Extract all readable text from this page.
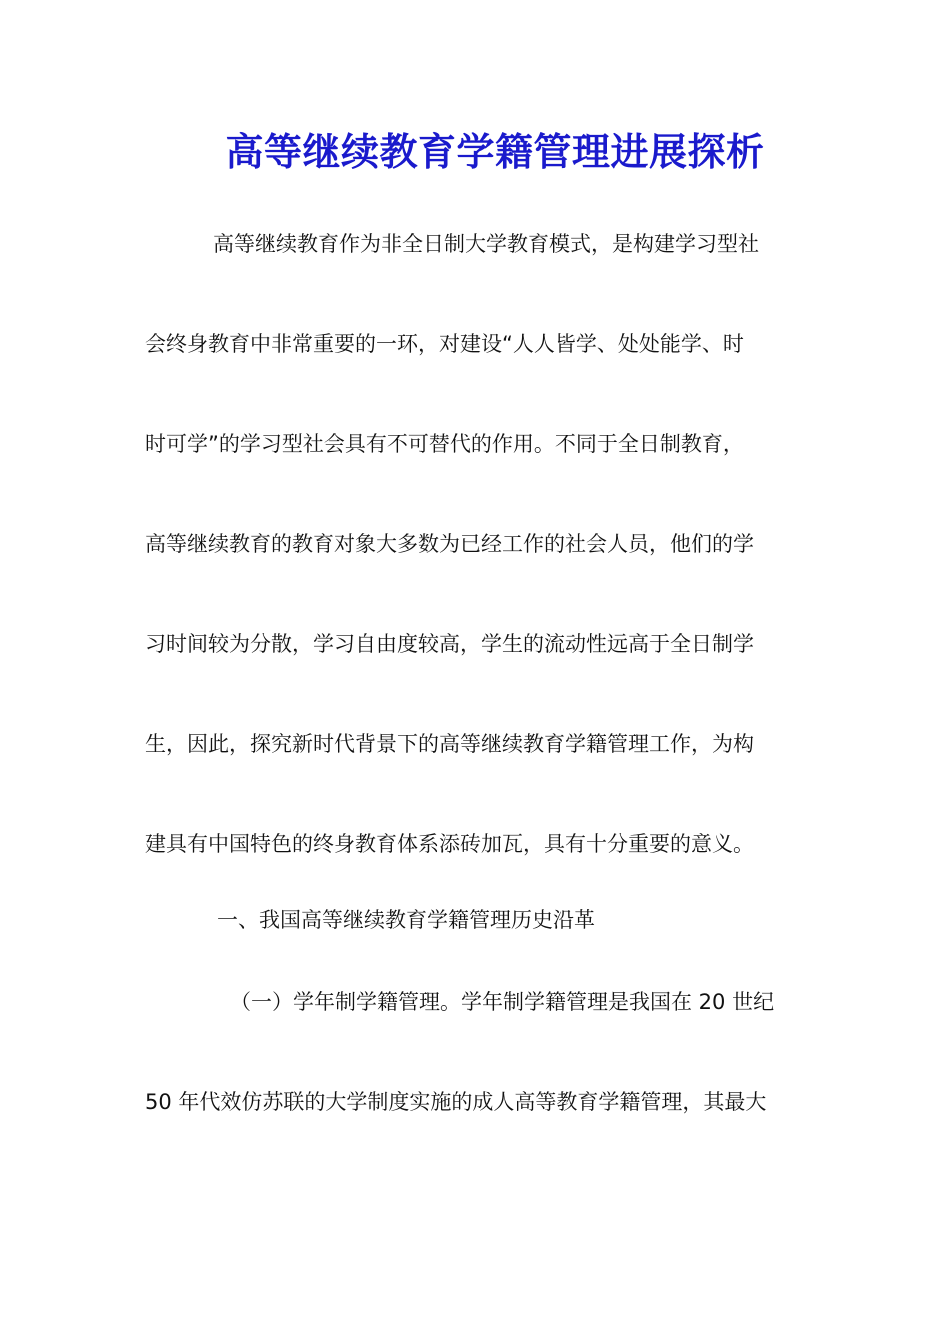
高等继续教育学籍管理进展探析
高等继续教育作为非全日制大学教育模式，是构建学习型社
会终身教育中非常重要的一环，对建设“人人皆学、处处能学、时
时可学”的学习型社会具有不可替代的作用。不同于全日制教育，
高等继续教育的教育对象大多数为已经工作的社会人员，他们的学
习时间较为分散，学习自由度较高，学生的流动性远高于全日制学
生，因此，探究新时代背景下的高等继续教育学籍管理工作，为构
建具有中国特色的终身教育体系添砖加瓦，具有十分重要的意义。
一、我国高等继续教育学籍管理历史沿革
（一）学年制学籍管理。学年制学籍管理是我国在 20 世纪
50 年代效仿苏联的大学制度实施的成人高等教育学籍管理，其最大
